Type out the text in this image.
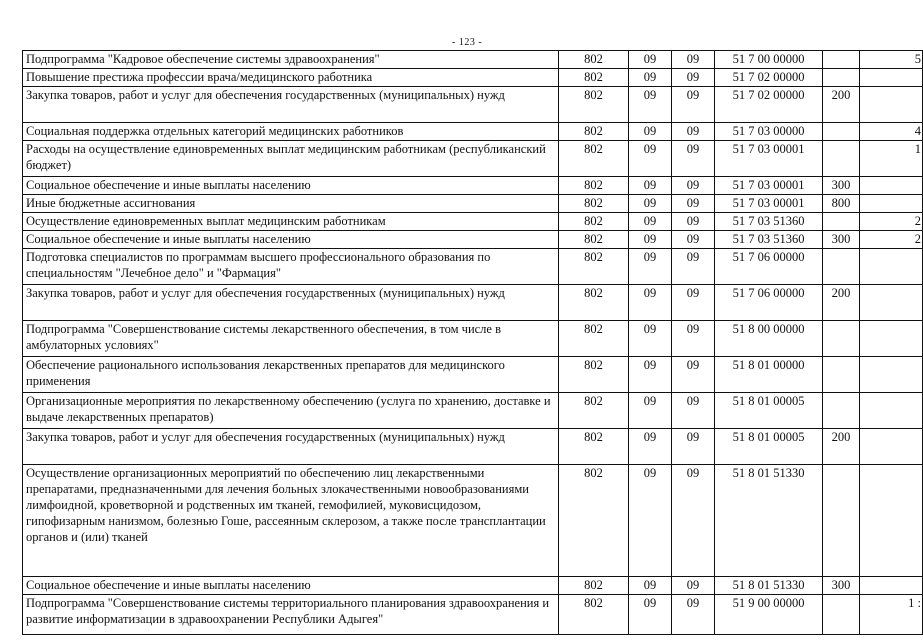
- 123 -
Подпрограмма "Кадровое обеспечение системы здравоохранения"	802	09	09	51 7 00 00000		5
Повышение престижа профессии врача/медицинского работника	802	09	09	51 7 02 00000		
Закупка товаров, работ и услуг для обеспечения государственных (муниципальных) нужд	802	09	09	51 7 02 00000	200	
Социальная поддержка отдельных категорий медицинских работников	802	09	09	51 7 03 00000		4
Расходы на осуществление единовременных выплат медицинским работникам (республиканский бюджет)	802	09	09	51 7 03 00001		1
Социальное обеспечение и иные выплаты населению	802	09	09	51 7 03 00001	300	
Иные бюджетные ассигнования	802	09	09	51 7 03 00001	800	
Осуществление единовременных выплат медицинским работникам	802	09	09	51 7 03 51360		2
Социальное обеспечение и иные выплаты населению	802	09	09	51 7 03 51360	300	2
Подготовка специалистов по программам высшего профессионального образования по специальностям "Лечебное дело" и "Фармация"	802	09	09	51 7 06 00000		
Закупка товаров, работ и услуг для обеспечения государственных (муниципальных) нужд	802	09	09	51 7 06 00000	200	
Подпрограмма "Совершенствование системы лекарственного обеспечения, в том числе в амбулаторных условиях"	802	09	09	51 8 00 00000		
Обеспечение рационального использования лекарственных препаратов для медицинского применения	802	09	09	51 8 01 00000		
Организационные мероприятия по лекарственному обеспечению (услуга по хранению, доставке и выдаче лекарственных препаратов)	802	09	09	51 8 01 00005		
Закупка товаров, работ и услуг для обеспечения государственных (муниципальных) нужд	802	09	09	51 8 01 00005	200	
Осуществление организационных мероприятий по обеспечению лиц лекарственными препаратами, предназначенными для лечения больных злокачественными новообразованиями лимфоидной, кроветворной и родственных им тканей, гемофилией, муковисцидозом, гипофизарным нанизмом, болезнью Гоше, рассеянным склерозом, а также после трансплантации органов и (или) тканей	802	09	09	51 8 01 51330		
Социальное обеспечение и иные выплаты населению	802	09	09	51 8 01 51330	300	
Подпрограмма "Совершенствование системы территориального планирования здравоохранения и развитие информатизации в здравоохранении Республики Адыгея"	802	09	09	51 9 00 00000		1 :
